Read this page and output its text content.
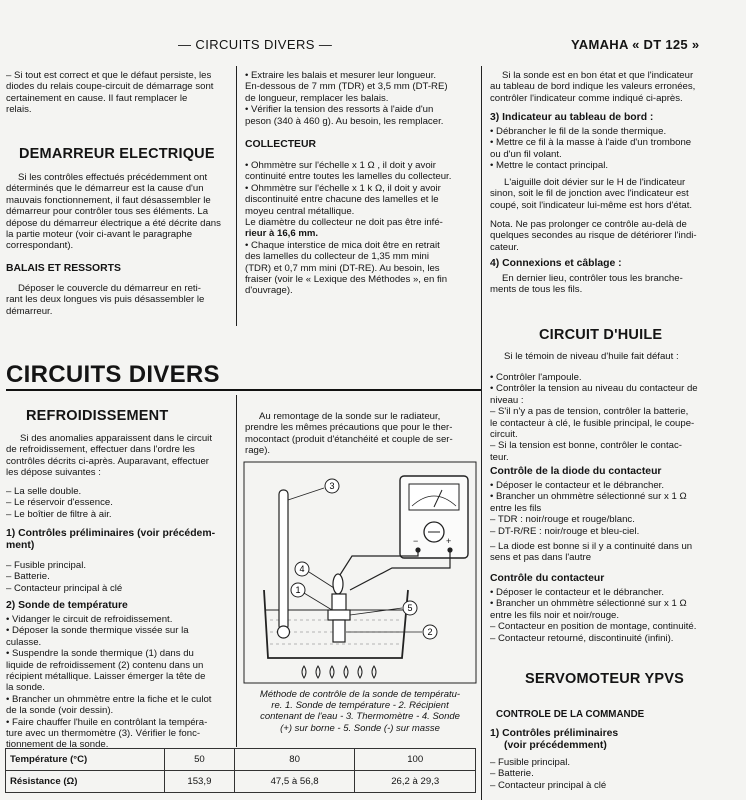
— CIRCUITS DIVERS —	YAMAHA « DT 125 »
– Si tout est correct et que le défaut persiste, les
diodes du relais coupe-circuit de démarrage sont
certainement en cause. Il faut remplacer le
relais.
DEMARREUR ELECTRIQUE
Si les contrôles effectués précédemment ont
déterminés que le démarreur est la cause d'un
mauvais fonctionnement, il faut désassembler le
démarreur pour contrôler tous ses éléments. La
dépose du démarreur électrique a été décrite dans
la partie moteur (voir ci-avant le paragraphe
correspondant).
BALAIS ET RESSORTS
Déposer le couvercle du démarreur en reti-
rant les deux longues vis puis désassembler le
démarreur.
• Extraire les balais et mesurer leur longueur.
En-dessous de 7 mm (TDR) et 3,5 mm (DT-RE)
de longueur, remplacer les balais.
• Vérifier la tension des ressorts à l'aide d'un
peson (340 à 460 g). Au besoin, les remplacer.
COLLECTEUR
• Ohmmètre sur l'échelle x 1 Ω , il doit y avoir
continuité entre toutes les lamelles du collecteur.
• Ohmmètre sur l'échelle x 1 k Ω, il doit y avoir
discontinuité entre chacune des lamelles et le
moyeu central métallique.
Le diamètre du collecteur ne doit pas être infé-
rieur à 16,6 mm.
• Chaque interstice de mica doit être en retrait
des lamelles du collecteur de 1,35 mm mini
(TDR) et 0,7 mm mini (DT-RE). Au besoin, les
fraiser (voir le « Lexique des Méthodes », en fin
d'ouvrage).
Si la sonde est en bon état et que l'indicateur
au tableau de bord indique les valeurs erronées,
contrôler l'indicateur comme indiqué ci-après.
3) Indicateur au tableau de bord :
• Débrancher le fil de la sonde thermique.
• Mettre ce fil à la masse à l'aide d'un trombone
ou d'un fil volant.
• Mettre le contact principal.
L'aiguille doit dévier sur le H de l'indicateur
sinon, soit le fil de jonction avec l'indicateur est
coupé, soit l'indicateur lui-même est hors d'état.
Nota. Ne pas prolonger ce contrôle au-delà de
quelques secondes au risque de détériorer l'indi-
cateur.
4) Connexions et câblage :
En dernier lieu, contrôler tous les branche-
ments de tous les fils.
CIRCUIT D'HUILE
Si le témoin de niveau d'huile fait défaut :
• Contrôler l'ampoule.
• Contrôler la tension au niveau du contacteur de
niveau :
– S'il n'y a pas de tension, contrôler la batterie,
le contacteur à clé, le fusible principal, le coupe-
circuit.
– Si la tension est bonne, contrôler le contac-
teur.
Contrôle de la diode du contacteur
• Déposer le contacteur et le débrancher.
• Brancher un ohmmètre sélectionné sur x 1 Ω
entre les fils
– TDR : noir/rouge et rouge/blanc.
– DT-R/RE : noir/rouge et bleu-ciel.
– La diode est bonne si il y a continuité dans un
sens et pas dans l'autre
Contrôle du contacteur
• Déposer le contacteur et le débrancher.
• Brancher un ohmmètre sélectionné sur x 1 Ω
entre les fils noir et noir/rouge.
– Contacteur en position de montage, continuité.
– Contacteur retourné, discontinuité (infini).
SERVOMOTEUR YPVS
CONTROLE DE LA COMMANDE
1) Contrôles préliminaires
(voir précédemment)
– Fusible principal.
– Batterie.
– Contacteur principal à clé
CIRCUITS DIVERS
REFROIDISSEMENT
Si des anomalies apparaissent dans le circuit
de refroidissement, effectuer dans l'ordre les
contrôles décrits ci-après. Auparavant, effectuer
les dépose suivantes :
– La selle double.
– Le réservoir d'essence.
– Le boîtier de filtre à air.
1) Contrôles préliminaires (voir précédem-
ment)
– Fusible principal.
– Batterie.
– Contacteur principal à clé
2) Sonde de température
• Vidanger le circuit de refroidissement.
• Déposer la sonde thermique vissée sur la
culasse.
• Suspendre la sonde thermique (1) dans du
liquide de refroidissement (2) contenu dans un
récipient métallique. Laisser émerger la tête de
la sonde.
• Brancher un ohmmètre entre la fiche et le culot
de la sonde (voir dessin).
• Faire chauffer l'huile en contrôlant la tempéra-
ture avec un thermomètre (3). Vérifier le fonc-
tionnement de la sonde.
Au remontage de la sonde sur le radiateur,
prendre les mêmes précautions que pour le ther-
mocontact (produit d'étanchéité et couple de ser-
rage).
−	+
3
4
1
5
2
Méthode de contrôle de la sonde de températu-
re. 1. Sonde de température - 2. Récipient
contenant de l'eau - 3. Thermomètre - 4. Sonde
(+) sur borne - 5. Sonde (-) sur masse
Température (°C)	50	80	100
Résistance (Ω)	153,9	47,5 à 56,8	26,2 à 29,3
